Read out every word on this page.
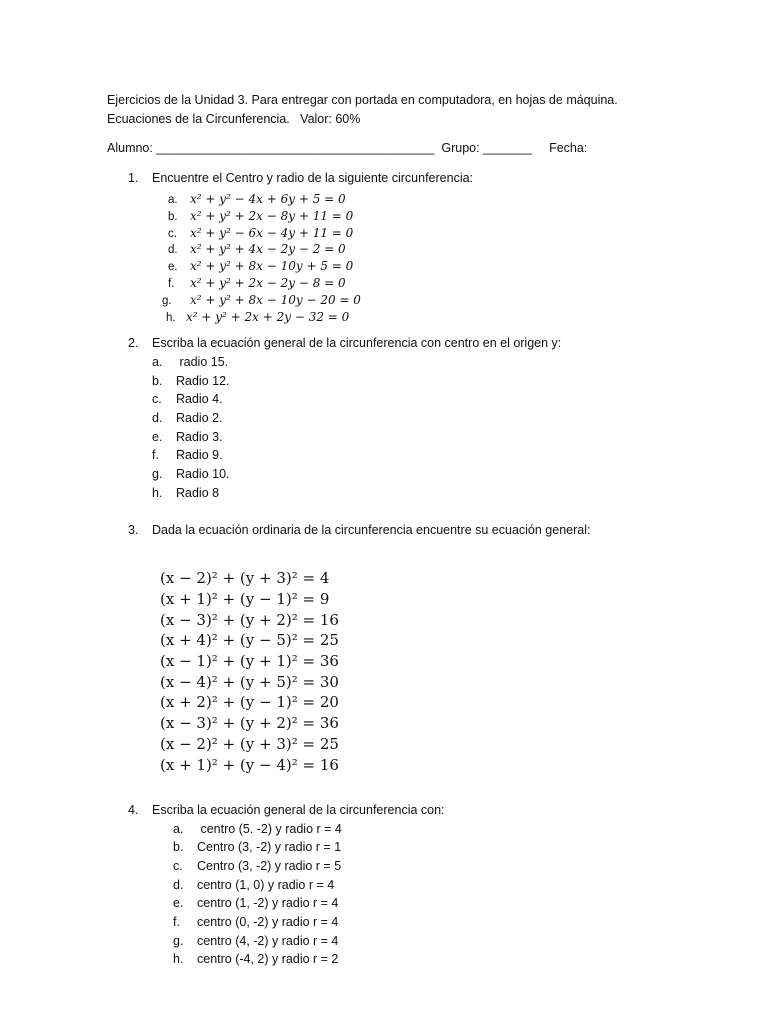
Ejercicios de la Unidad 3. Para entregar con portada en computadora, en hojas de máquina.
Ecuaciones de la Circunferencia.   Valor: 60%
Alumno: ________________________________________  Grupo: _______     Fecha:
1. Encuentre el Centro y radio de la siguiente circunferencia:
a. x² + y² − 4x + 6y + 5 = 0
b. x² + y² + 2x − 8y + 11 = 0
c. x² + y² − 6x − 4y + 11 = 0
d. x² + y² + 4x − 2y − 2 = 0
e. x² + y² + 8x − 10y + 5 = 0
f. x² + y² + 2x − 2y − 8 = 0
g. x² + y² + 8x − 10y − 20 = 0
h. x² + y² + 2x + 2y − 32 = 0
2. Escriba la ecuación general de la circunferencia con centro en el origen y:
a. radio 15.
b. Radio 12.
c. Radio 4.
d. Radio 2.
e. Radio 3.
f. Radio 9.
g. Radio 10.
h. Radio 8
3. Dada la ecuación ordinaria de la circunferencia encuentre su ecuación general:
(x − 2)² + (y + 3)² = 4
(x + 1)² + (y − 1)² = 9
(x − 3)² + (y + 2)² = 16
(x + 4)² + (y − 5)² = 25
(x − 1)² + (y + 1)² = 36
(x − 4)² + (y + 5)² = 30
(x + 2)² + (y − 1)² = 20
(x − 3)² + (y + 2)² = 36
(x − 2)² + (y + 3)² = 25
(x + 1)² + (y − 4)² = 16
4. Escriba la ecuación general de la circunferencia con:
a. centro (5. -2) y radio r = 4
b. Centro (3, -2) y radio r = 1
c. Centro (3, -2) y radio r = 5
d. centro (1, 0) y radio r = 4
e. centro (1, -2) y radio r = 4
f. centro (0, -2) y radio r = 4
g. centro (4, -2) y radio r = 4
h. centro (-4, 2) y radio r = 2
